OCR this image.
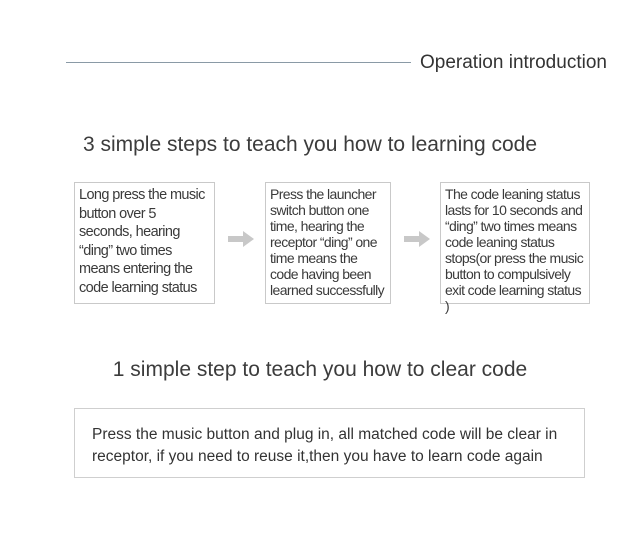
Operation introduction
3 simple steps to teach you how to learning code
Long press the music button over 5 seconds, hearing “ding” two times means entering the code learning status
Press the launcher switch button one time, hearing the receptor “ding” one time means the code having been learned successfully
The code leaning status lasts for 10 seconds and “ding” two times means code leaning status stops(or press the music button to compulsively exit code learning status )
1 simple step to teach you how to clear code
Press the music button and plug in, all matched code will be clear in receptor, if you need to reuse it,then you have to learn code again
